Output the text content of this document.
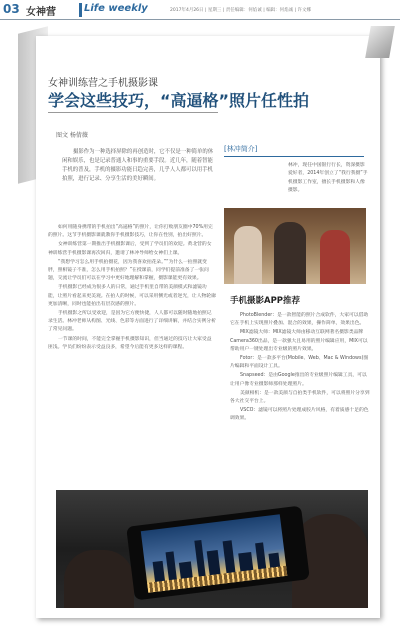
03 女神营	Life weekly	2017年4月26日 | 星期三 | 责任编辑：何焰诚 | 编辑：何焰诚 | 许文娜
女神训练营之手机摄影课
学会这些技巧，“高逼格”照片任性拍
图文 杨倩薇
摄影作为一种选择屏除的再创造时，它不仅是一种简单的休闲和娱乐，也是记录普通人和事的重要手段。近几年，随着智能手机的普及，手机的摄影功能日趋完善，几乎人人都可以用手机拍照，进行记录、分享生活的美好瞬间。

如何用随身携带的手机拍出“高逼格”的照片，让你打败朋友圈中70%用完的照片。这节手机摄影课就教你手机摄影技巧，让你在性别，拍出好照片。

女神训练营第一期推出手机摄影课后，受到了学员们的欢迎。黄北营的女神训练营手机摄影课再次回归，邀请了林冲导师给女神们上课。

“我想学习怎么用手机拍摄花，因为我喜欢拍花朵。”“为什么一拍照就变胖，照相镜子不准，怎么用手机拍照？”在授课前，同学们提前准备了一张问题，交流让学员们可以在学习中更好地理解和掌握，摄影课能更有效果。

手机摄影已经成为很多人的日常，通过手机里自带的美颜模式和滤镜功能，让照片看起来更美观。在拍人的时候，可以采用侧光或者逆光，让人物轮廓更加清晰，同时也能拍出有层次感的照片。

手机摄影之所以受欢迎，是因为它方便快捷，人人都可以随时随地拍照记录生活。林冲老师从构图、光线、色彩等方面进行了详细讲解，并结合实例分析了常见问题。

一节课的时间，不能完全掌握手机摄影知识，但当通过的技巧让大家受益匪浅。学员们纷纷表示受益良多，希望今后能有更多这样的课程。

[林冲简介]
林冲，现任中国银行行长，资深摄影爱好者，2014年创立了“我行我摄”手机摄影工作室，擅长手机摄影和人像摄影。
手机摄影APP推荐

PhotoBlender：是一款智能的照片合成软件，大家可以借助它在手机上实现照片叠加、混合的效果，操作简单，效果出色。

MIX滤镜大师：MIX滤镜大师由移动互联网著名摄影类品牌Camera360出品，是一款强大且易用的照片编辑应用，MIX可以帮助用户一键处理出专业级的照片效果。

Fotor：是一款多平台(Mobile、Web、Mac & Windows)图片编辑和平面设计工具。

Snapseed：是由Google推出的专业级照片编辑工具，可以让用户像专业摄影师那样处理照片。

美颜相机：是一款美颜与自拍类手机软件，可以将照片分享到各大社交平台上。

VSCO：滤镜可以将照片处理成胶片风格，有着质感十足的色调效果。
